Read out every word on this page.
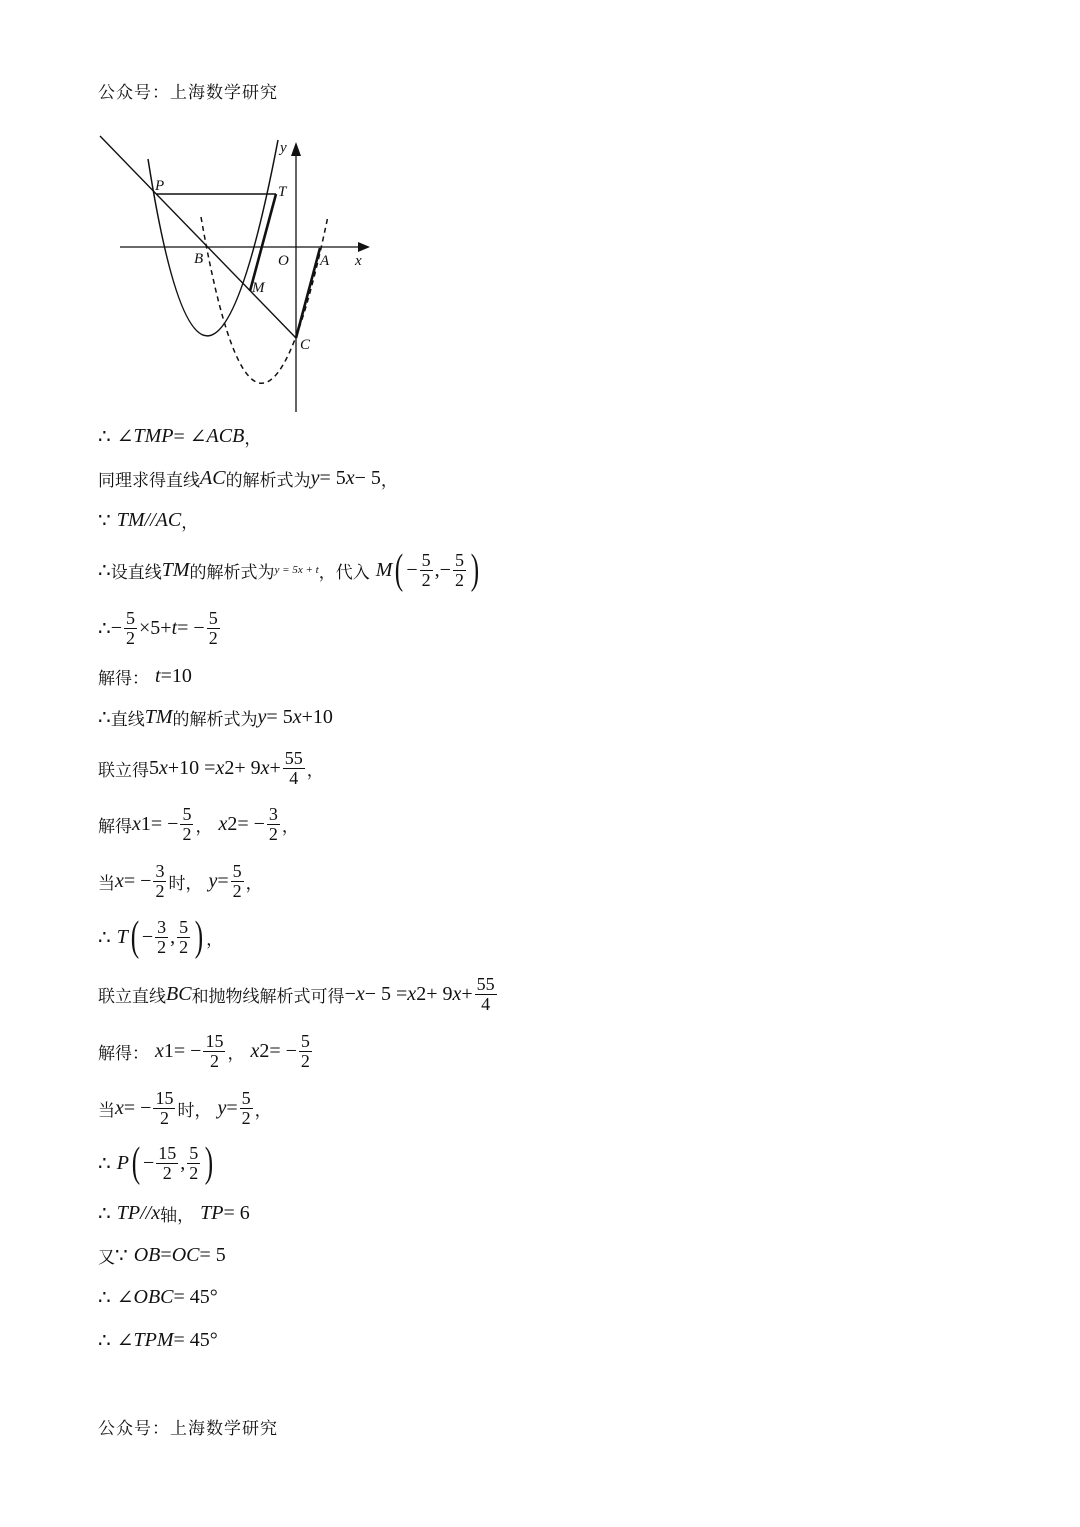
公众号：上海数学研究
y
x
P	T
B	O A
M
C
∴ ∠ TMP = ∠ ACB ，
同理求得直线 AC 的解析式为 y = 5 x − 5 ，
∵ TM // AC ，
∴ 设直线 TM 的解析式为 y = 5x + t ，代入 M ( − $\frac{5}{2}$ ,− $\frac{5}{2}$ )
∴ − $\frac{5}{2} \times 5+ t$ = − $\frac{5}{2}$
解得： t =10
∴ 直线 TM 的解析式为 y = 5 x +10
联立得 5 x +10 = x 2 + 9 $x + \frac{55}{4}$ ，
解得 x 1 = − $\frac{5}{2}$ ， x 2 = − $\frac{3}{2}$ ，
当 x = − $\frac{3}{2}$ 时， $y = \frac{5}{2}$ ，
∴ T ( − $\frac{3}{2}$ , $\frac{5}{2}$ ) ，
联立直线 BC 和抛物线解析式可得 − x − 5 = x 2 + 9 $x + \frac{55}{4}$
解得： x 1 = − $\frac{15}{2}$ ， x 2 = − $\frac{5}{2}$
当 x = − $\frac{15}{2}$ 时， $y = \frac{5}{2}$ ，
∴ P ( − $\frac{15}{2}$ , $\frac{5}{2}$ )
∴ TP // x 轴， TP = 6
又 ∵ OB = OC = 5
∴ ∠ OBC = 45°
∴ ∠ TPM = 45°
公众号：上海数学研究
